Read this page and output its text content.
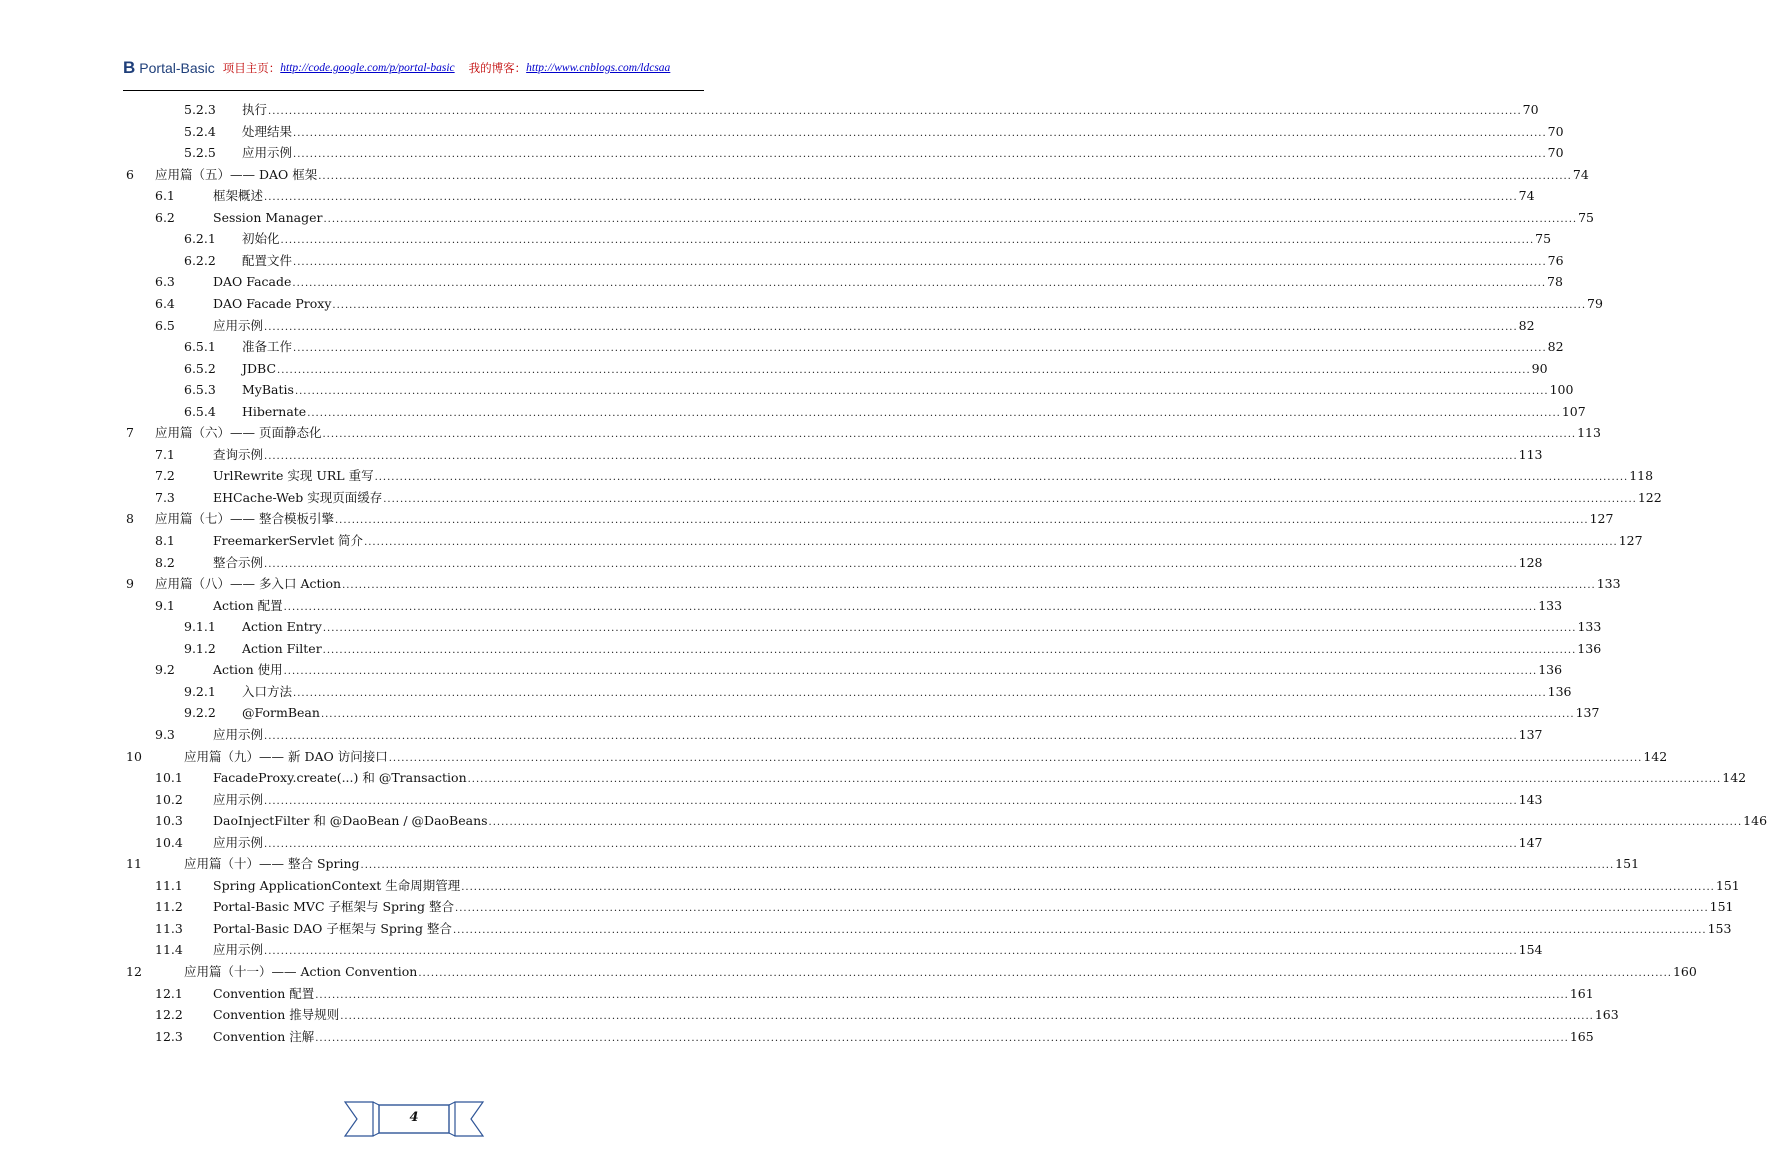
B Portal-Basic 项目主页： http://code.google.com/p/portal-basic 我的博客： http://www.cnblogs.com/ldcsaa
5.2.3 执行 ............................................................................................................................................................................................................................................................................................................ 70
5.2.4 处理结果 ............................................................................................................................................................................................................................................................................................................ 70
5.2.5 应用示例 ............................................................................................................................................................................................................................................................................................................ 70
6 应用篇（五）—— DAO 框架 ............................................................................................................................................................................................................................................................................................................ 74
6.1	框架概述 ............................................................................................................................................................................................................................................................................................................ 74
6.2	Session Manager ............................................................................................................................................................................................................................................................................................................ 75
6.2.1 初始化 ............................................................................................................................................................................................................................................................................................................ 75
6.2.2 配置文件 ............................................................................................................................................................................................................................................................................................................ 76
6.3	DAO Facade ............................................................................................................................................................................................................................................................................................................ 78
6.4	DAO Facade Proxy ............................................................................................................................................................................................................................................................................................................ 79
6.5	应用示例 ............................................................................................................................................................................................................................................................................................................ 82
6.5.1 准备工作 ............................................................................................................................................................................................................................................................................................................ 82
6.5.2 JDBC ............................................................................................................................................................................................................................................................................................................ 90
6.5.3 MyBatis ............................................................................................................................................................................................................................................................................................................ 100
6.5.4 Hibernate ............................................................................................................................................................................................................................................................................................................ 107
7 应用篇（六）—— 页面静态化 ............................................................................................................................................................................................................................................................................................................ 113
7.1	查询示例 ............................................................................................................................................................................................................................................................................................................ 113
7.2	UrlRewrite 实现 URL 重写 ............................................................................................................................................................................................................................................................................................................ 118
7.3	EHCache-Web 实现页面缓存 ............................................................................................................................................................................................................................................................................................................ 122
8 应用篇（七）—— 整合模板引擎 ............................................................................................................................................................................................................................................................................................................ 127
8.1	FreemarkerServlet 简介 ............................................................................................................................................................................................................................................................................................................ 127
8.2	整合示例 ............................................................................................................................................................................................................................................................................................................ 128
9 应用篇（八）—— 多入口 Action ............................................................................................................................................................................................................................................................................................................ 133
9.1	Action 配置 ............................................................................................................................................................................................................................................................................................................ 133
9.1.1 Action Entry ............................................................................................................................................................................................................................................................................................................ 133
9.1.2 Action Filter ............................................................................................................................................................................................................................................................................................................ 136
9.2	Action 使用 ............................................................................................................................................................................................................................................................................................................ 136
9.2.1 入口方法 ............................................................................................................................................................................................................................................................................................................ 136
9.2.2 @FormBean ............................................................................................................................................................................................................................................................................................................ 137
9.3	应用示例 ............................................................................................................................................................................................................................................................................................................ 137
10	应用篇（九）—— 新 DAO 访问接口 ............................................................................................................................................................................................................................................................................................................ 142
10.1 FacadeProxy.create(...) 和 @Transaction ............................................................................................................................................................................................................................................................................................................ 142
10.2 应用示例 ............................................................................................................................................................................................................................................................................................................ 143
10.3 DaoInjectFilter 和 @DaoBean / @DaoBeans ............................................................................................................................................................................................................................................................................................................ 146
10.4 应用示例 ............................................................................................................................................................................................................................................................................................................ 147
11	应用篇（十）—— 整合 Spring ............................................................................................................................................................................................................................................................................................................ 151
11.1 Spring ApplicationContext 生命周期管理 ............................................................................................................................................................................................................................................................................................................ 151
11.2 Portal-Basic MVC 子框架与 Spring 整合 ............................................................................................................................................................................................................................................................................................................ 151
11.3 Portal-Basic DAO 子框架与 Spring 整合 ............................................................................................................................................................................................................................................................................................................ 153
11.4 应用示例 ............................................................................................................................................................................................................................................................................................................ 154
12	应用篇（十一）—— Action Convention ............................................................................................................................................................................................................................................................................................................ 160
12.1 Convention 配置 ............................................................................................................................................................................................................................................................................................................ 161
12.2 Convention 推导规则 ............................................................................................................................................................................................................................................................................................................ 163
12.3 Convention 注解 ............................................................................................................................................................................................................................................................................................................ 165
4
